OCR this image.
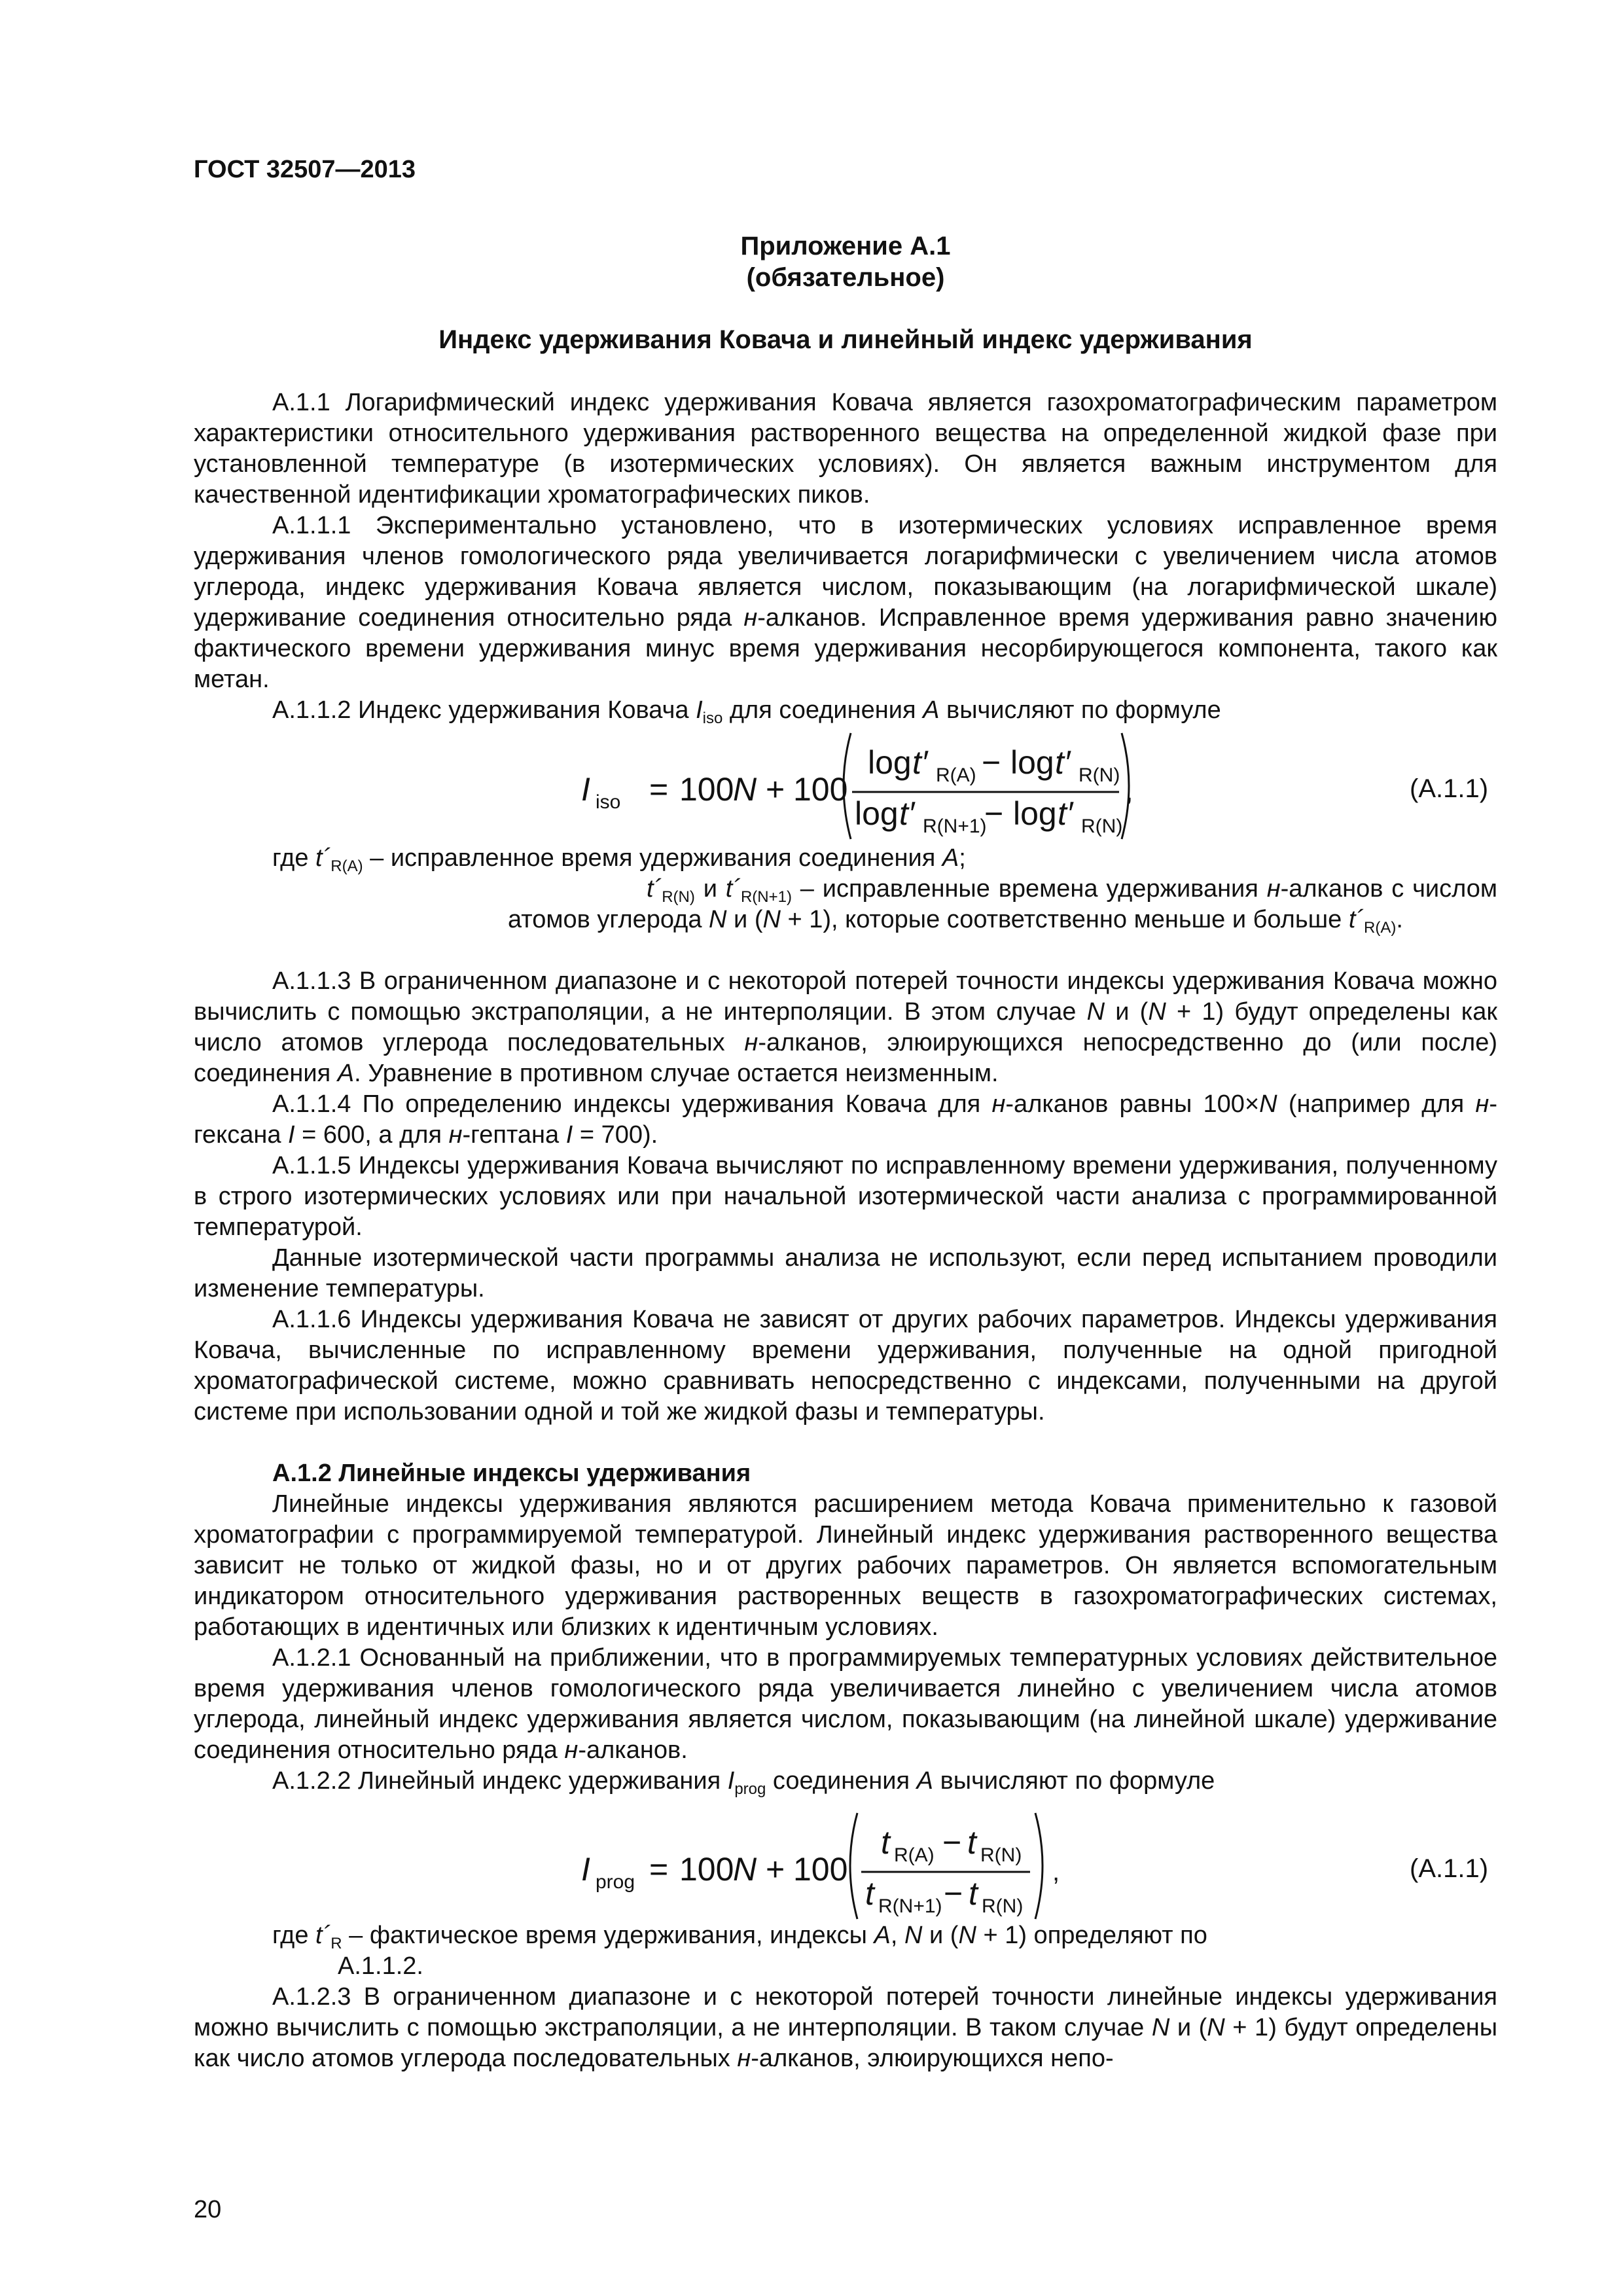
ГОСТ 32507—2013
Приложение А.1
(обязательное)
Индекс удерживания Ковача и линейный индекс удерживания

А.1.1 Логарифмический индекс удерживания Ковача является газохроматографическим параметром характеристики относительного удерживания растворенного вещества на определенной жидкой фазе при установленной температуре (в изотермических условиях). Он является важным инструментом для качественной идентификации хроматографических пиков.

А.1.1.1 Экспериментально установлено, что в изотермических условиях исправленное время удерживания членов гомологического ряда увеличивается логарифмически с увеличением числа атомов углерода, индекс удерживания Ковача является числом, показывающим (на логарифмической шкале) удерживание соединения относительно ряда н-алканов. Исправленное время удерживания равно значению фактического времени удерживания минус время удерживания несорбирующегося компонента, такого как метан.

А.1.1.2 Индекс удерживания Ковача $I_{iso}$ для соединения А вычисляют по формуле

I iso = 100
N + 100
log t′ R(A) − log t′ R(N)
log t′ R(N+1)
− log t′ R(N)
,	(А.1.1)

где $t´_{R(A)}$ – исправленное время удерживания соединения А;

$t´_{R(N)}$ и $t´_{R(N+1)}$ – исправленные времена удерживания н-алканов с числом атомов углерода N и (N + 1), которые соответственно меньше и больше $t´_{R(A)}$.

А.1.1.3 В ограниченном диапазоне и с некоторой потерей точности индексы удерживания Ковача можно вычислить с помощью экстраполяции, а не интерполяции. В этом случае N и (N + 1) будут определены как число атомов углерода последовательных н-алканов, элюирующихся непосредственно до (или после) соединения А. Уравнение в противном случае остается неизменным.

А.1.1.4 По определению индексы удерживания Ковача для н-алканов равны 100×N (например для н-гексана I = 600, а для н-гептана I = 700).

А.1.1.5 Индексы удерживания Ковача вычисляют по исправленному времени удерживания, полученному в строго изотермических условиях или при начальной изотермической части анализа с программированной температурой.

Данные изотермической части программы анализа не используют, если перед испытанием проводили изменение температуры.

А.1.1.6 Индексы удерживания Ковача не зависят от других рабочих параметров. Индексы удерживания Ковача, вычисленные по исправленному времени удерживания, полученные на одной пригодной хроматографической системе, можно сравнивать непосредственно с индексами, полученными на другой системе при использовании одной и той же жидкой фазы и температуры.

А.1.2 Линейные индексы удерживания

Линейные индексы удерживания являются расширением метода Ковача применительно к газовой хроматографии с программируемой температурой. Линейный индекс удерживания растворенного вещества зависит не только от жидкой фазы, но и от других рабочих параметров. Он является вспомогательным индикатором относительного удерживания растворенных веществ в газохроматографических системах, работающих в идентичных или близких к идентичным условиях.

А.1.2.1 Основанный на приближении, что в программируемых температурных условиях действительное время удерживания членов гомологического ряда увеличивается линейно с увеличением числа атомов углерода, линейный индекс удерживания является числом, показывающим (на линейной шкале) удерживание соединения относительно ряда н-алканов.

А.1.2.2 Линейный индекс удерживания $I_{prog}$ соединения А вычисляют по формуле

I prog = 100
N + 100
t R(A) − t R(N)
t R(N+1) − t R(N)
,	(А.1.1)

где $t´_R$ – фактическое время удерживания, индексы А, N и (N + 1) определяют по

А.1.1.2.

А.1.2.3 В ограниченном диапазоне и с некоторой потерей точности линейные индексы удерживания можно вычислить с помощью экстраполяции, а не интерполяции. В таком случае N и (N + 1) будут определены как число атомов углерода последовательных н-алканов, элюирующихся непо-

20
